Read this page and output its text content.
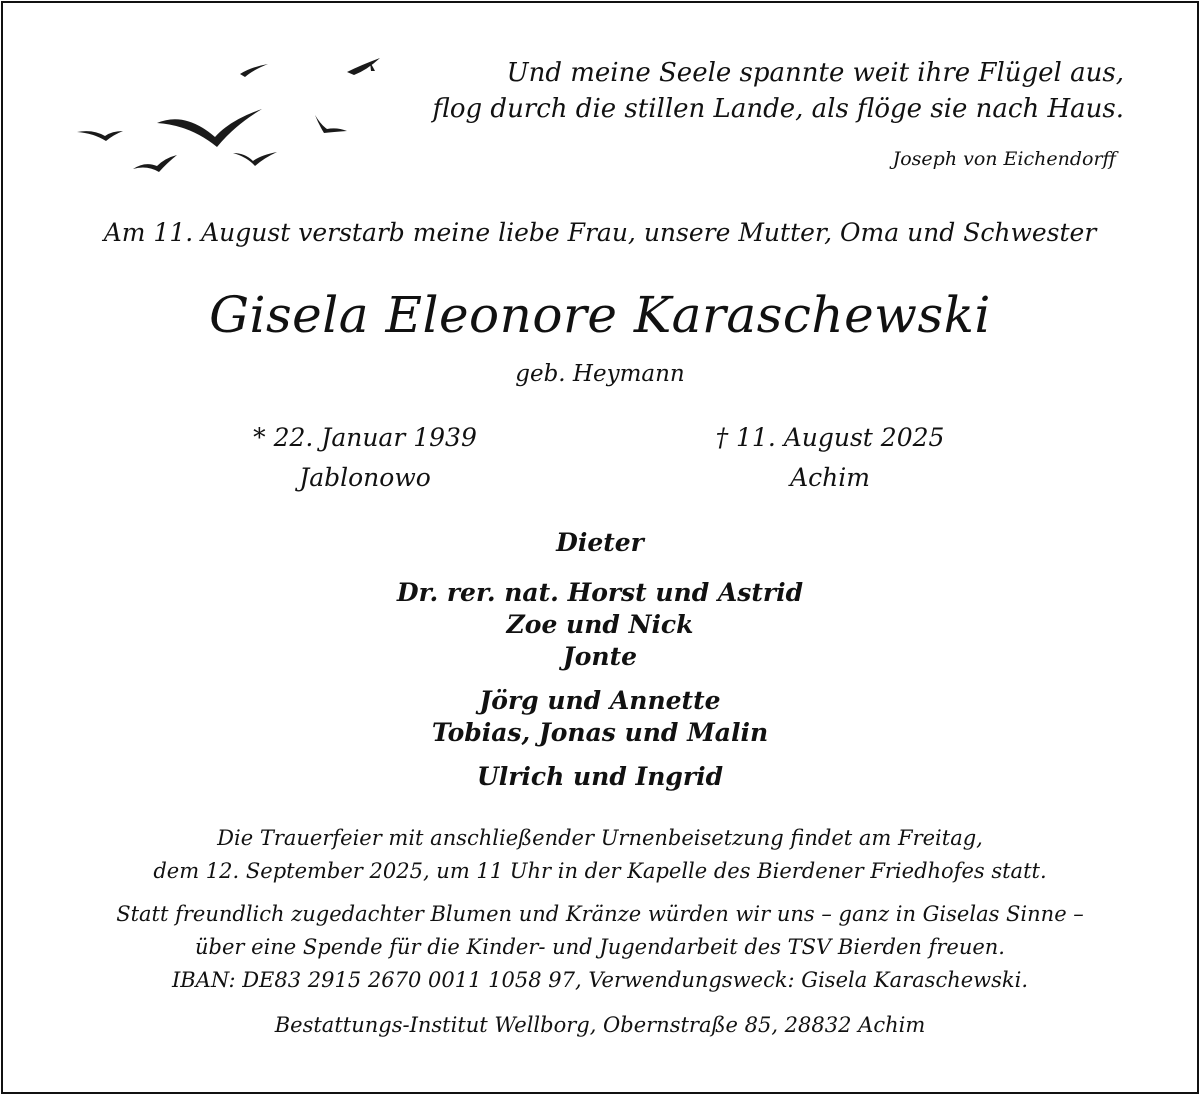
Und meine Seele spannte weit ihre Flügel aus,
flog durch die stillen Lande, als flöge sie nach Haus.
Joseph von Eichendorff
Am 11. August verstarb meine liebe Frau, unsere Mutter, Oma und Schwester
Gisela Eleonore Karaschewski
geb. Heymann
* 22. Januar 1939
Jablonowo
† 11. August 2025
Achim
Dieter
Dr. rer. nat. Horst und Astrid
Zoe und Nick
Jonte
Jörg und Annette
Tobias, Jonas und Malin
Ulrich und Ingrid
Die Trauerfeier mit anschließender Urnenbeisetzung findet am Freitag,
dem 12. September 2025, um 11 Uhr in der Kapelle des Bierdener Friedhofes statt.
Statt freundlich zugedachter Blumen und Kränze würden wir uns – ganz in Giselas Sinne –
über eine Spende für die Kinder- und Jugendarbeit des TSV Bierden freuen.
IBAN: DE83 2915 2670 0011 1058 97, Verwendungsweck: Gisela Karaschewski.
Bestattungs-Institut Wellborg, Obernstraße 85, 28832 Achim
